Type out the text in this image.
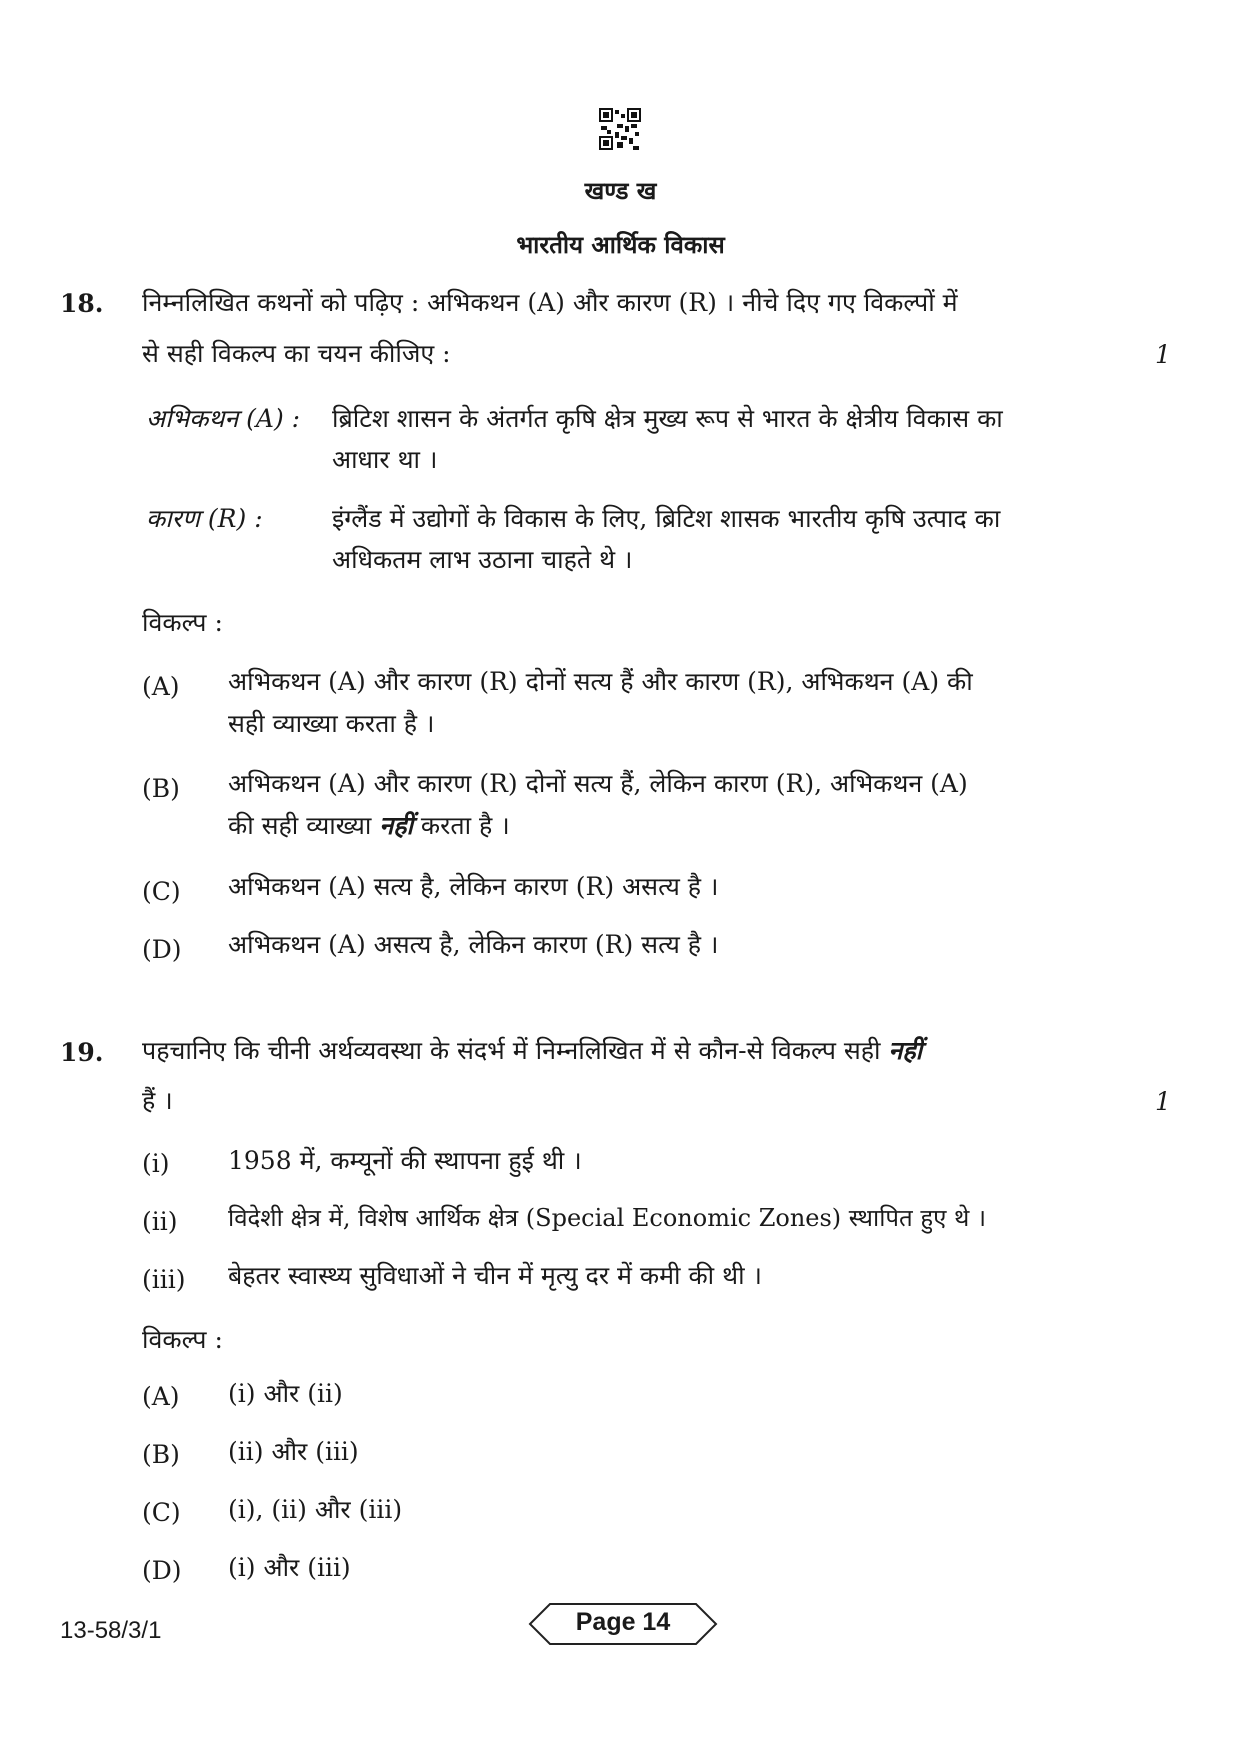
खण्ड ख
भारतीय आर्थिक विकास
18. निम्नलिखित कथनों को पढ़िए : अभिकथन (A) और कारण (R) । नीचे दिए गए विकल्पों में
से सही विकल्प का चयन कीजिए :	1
अभिकथन (A) : ब्रिटिश शासन के अंतर्गत कृषि क्षेत्र मुख्य रूप से भारत के क्षेत्रीय विकास का
आधार था ।
कारण (R) :	इंग्लैंड में उद्योगों के विकास के लिए, ब्रिटिश शासक भारतीय कृषि उत्पाद का
अधिकतम लाभ उठाना चाहते थे ।
विकल्प :
(A) अभिकथन (A) और कारण (R) दोनों सत्य हैं और कारण (R), अभिकथन (A) की
सही व्याख्या करता है ।
(B) अभिकथन (A) और कारण (R) दोनों सत्य हैं, लेकिन कारण (R), अभिकथन (A)
की सही व्याख्या नहीं करता है ।
(C) अभिकथन (A) सत्य है, लेकिन कारण (R) असत्य है ।
(D) अभिकथन (A) असत्य है, लेकिन कारण (R) सत्य है ।
19. पहचानिए कि चीनी अर्थव्यवस्था के संदर्भ में निम्नलिखित में से कौन-से विकल्प सही नहीं
हैं ।	1
(i) 1958 में, कम्यूनों की स्थापना हुई थी ।
(ii) विदेशी क्षेत्र में, विशेष आर्थिक क्षेत्र (Special Economic Zones) स्थापित हुए थे ।
(iii) बेहतर स्वास्थ्य सुविधाओं ने चीन में मृत्यु दर में कमी की थी ।
विकल्प :
(A) (i) और (ii)
(B) (ii) और (iii)
(C) (i), (ii) और (iii)
(D) (i) और (iii)
13-58/3/1	Page 14
